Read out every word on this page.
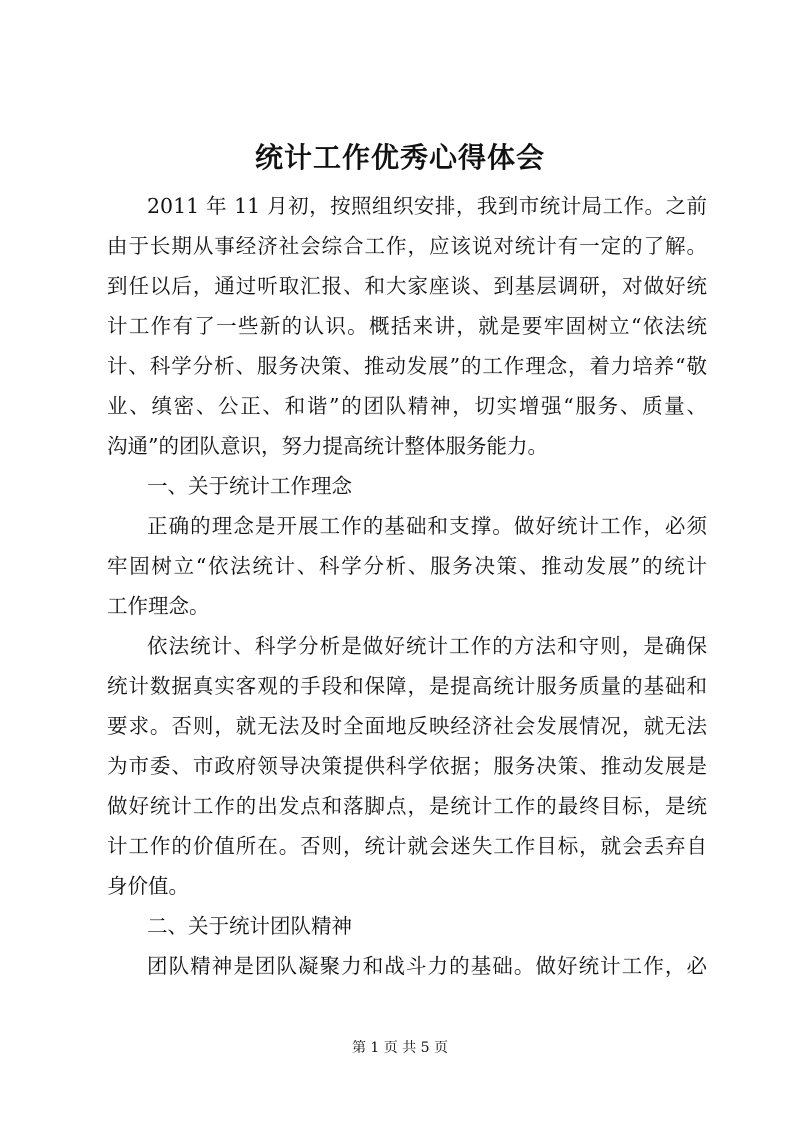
统计工作优秀心得体会
2011 年 11 月初，按照组织安排，我到市统计局工作。之前
由于长期从事经济社会综合工作，应该说对统计有一定的了解。
到任以后，通过听取汇报、和大家座谈、到基层调研，对做好统
计工作有了一些新的认识。概括来讲，就是要牢固树立“依法统
计、科学分析、服务决策、推动发展”的工作理念，着力培养“敬
业、缜密、公正、和谐”的团队精神，切实增强“服务、质量、
沟通”的团队意识，努力提高统计整体服务能力。
一、关于统计工作理念
正确的理念是开展工作的基础和支撑。做好统计工作，必须
牢固树立“依法统计、科学分析、服务决策、推动发展”的统计
工作理念。
依法统计、科学分析是做好统计工作的方法和守则，是确保
统计数据真实客观的手段和保障，是提高统计服务质量的基础和
要求。否则，就无法及时全面地反映经济社会发展情况，就无法
为市委、市政府领导决策提供科学依据；服务决策、推动发展是
做好统计工作的出发点和落脚点，是统计工作的最终目标，是统
计工作的价值所在。否则，统计就会迷失工作目标，就会丢弃自
身价值。
二、关于统计团队精神
团队精神是团队凝聚力和战斗力的基础。做好统计工作，必
第 1 页 共 5 页
